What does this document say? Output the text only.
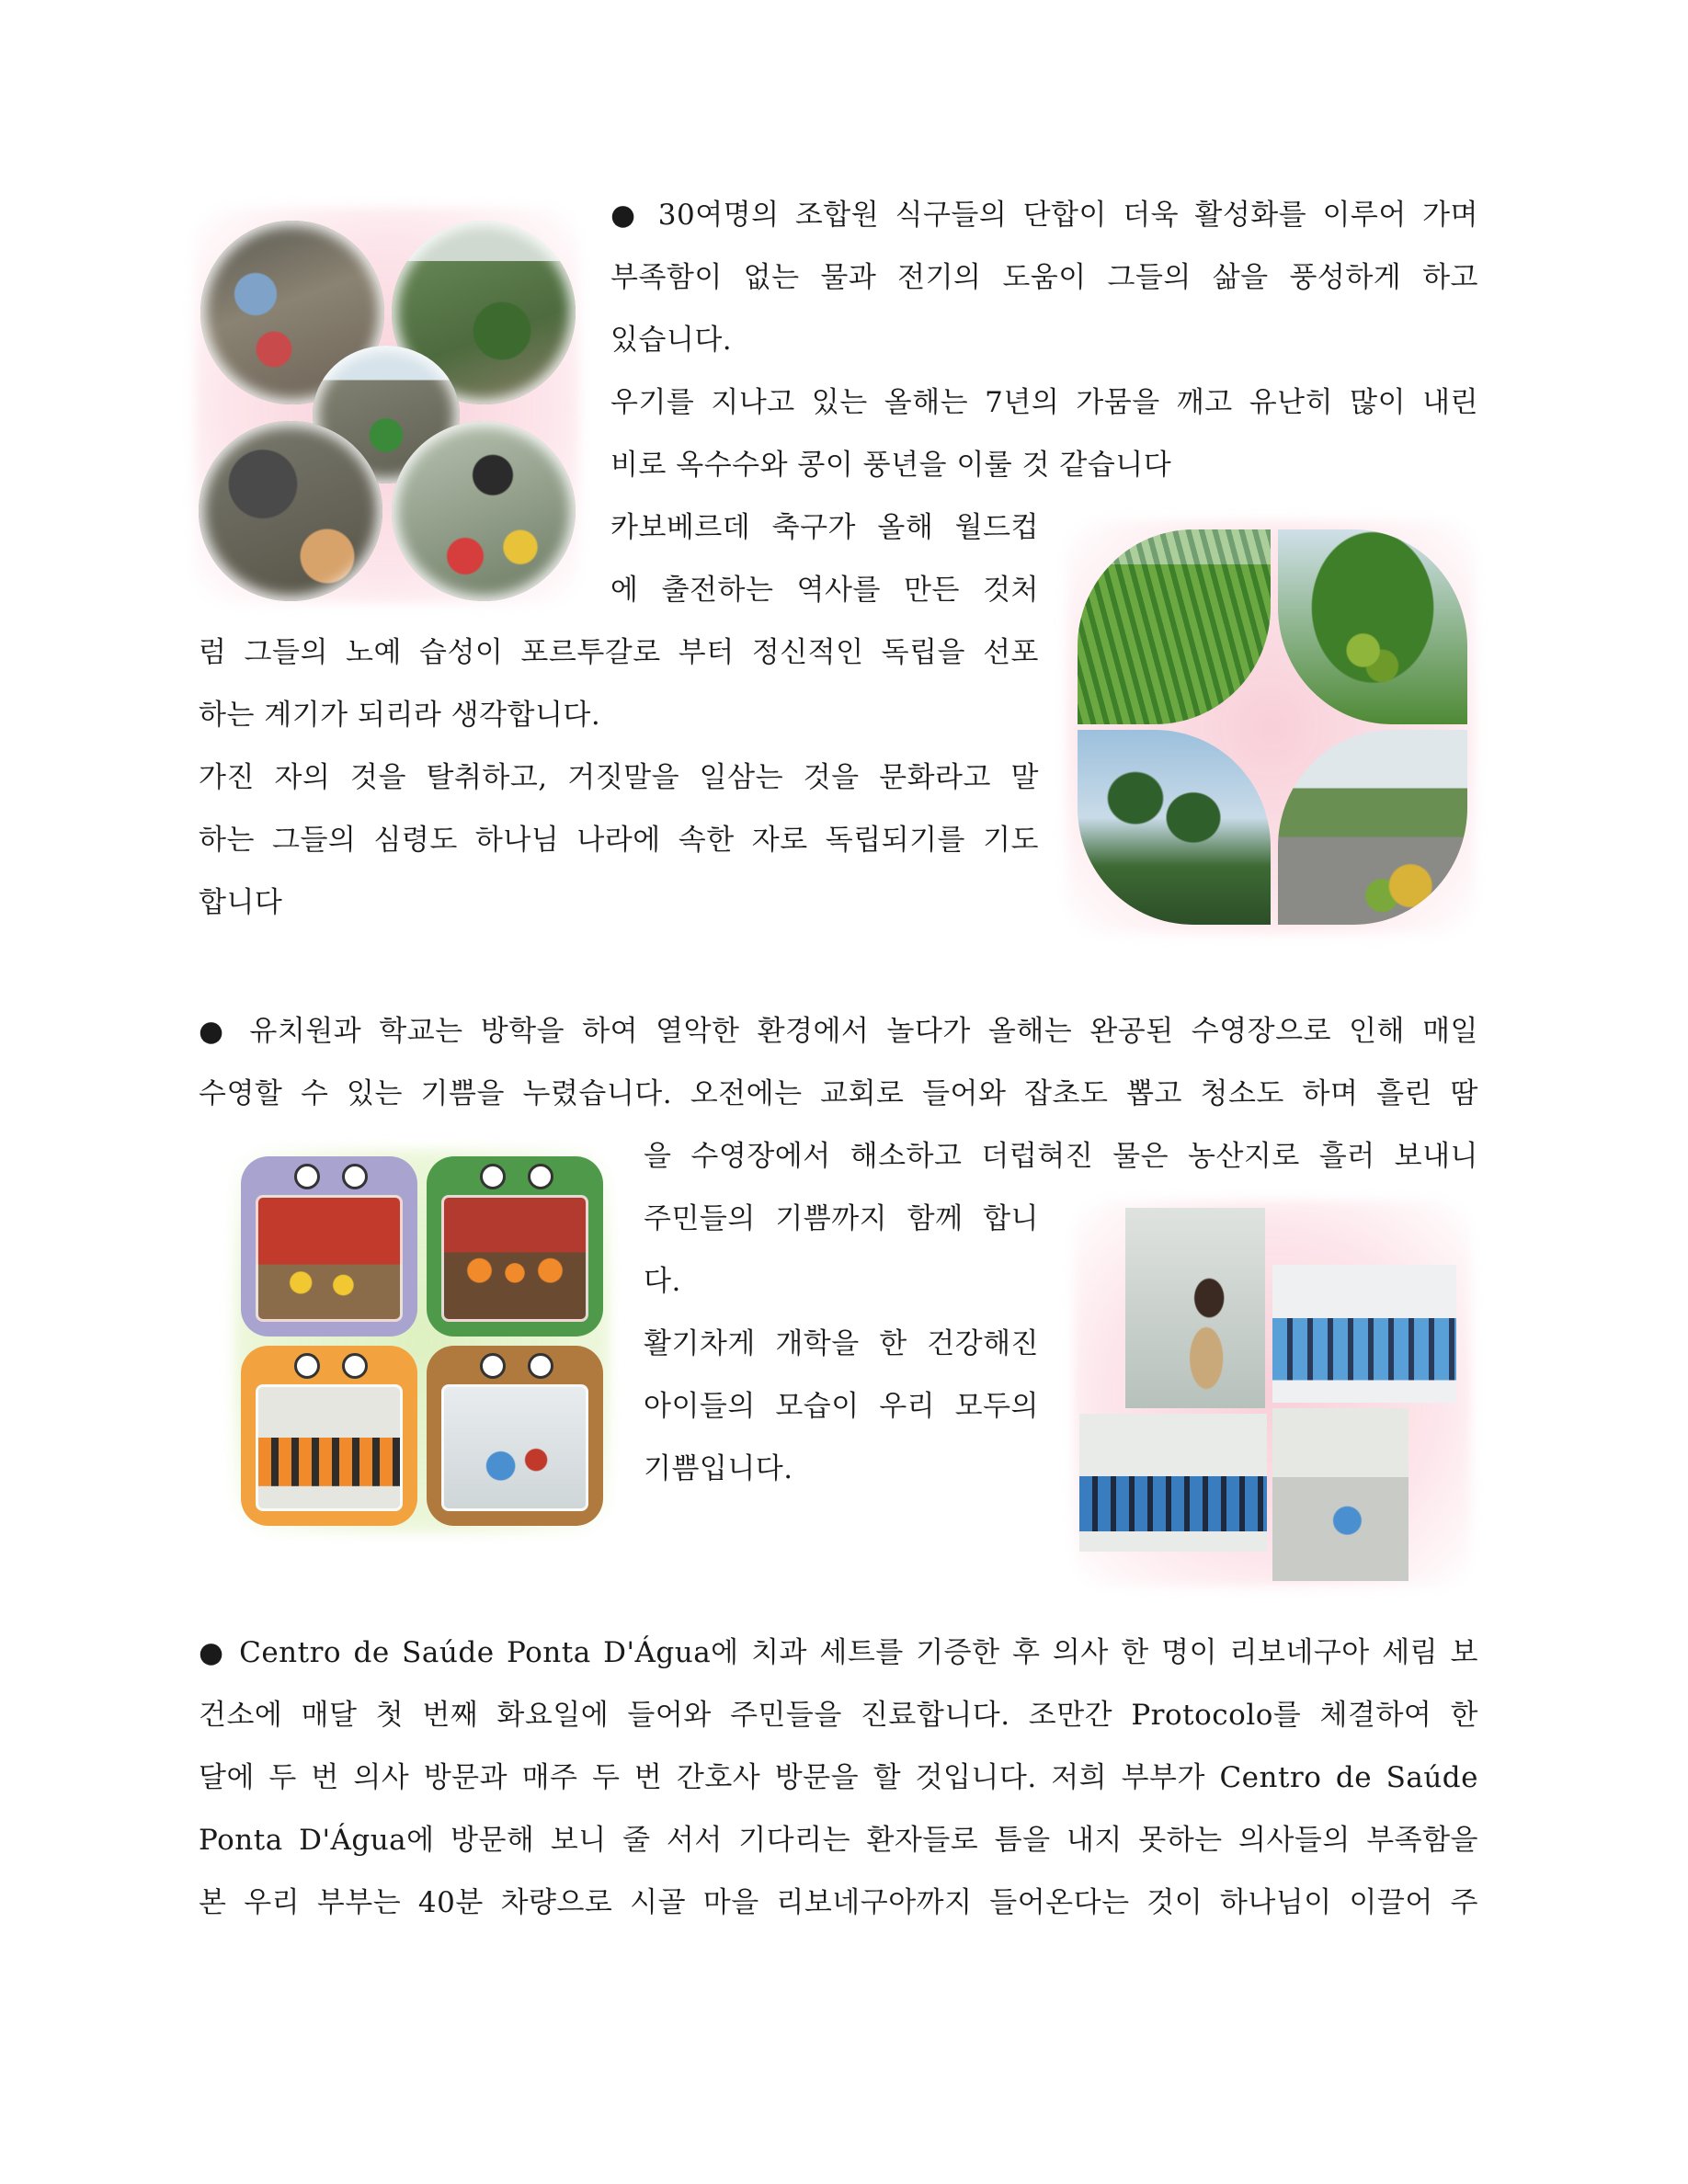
● 30여명의 조합원 식구들의 단합이 더욱 활성화를 이루어 가며
부족함이 없는 물과 전기의 도움이 그들의 삶을 풍성하게 하고
있습니다.
우기를 지나고 있는 올해는 7년의 가뭄을 깨고 유난히 많이 내린
비로 옥수수와 콩이 풍년을 이룰 것 같습니다
카보베르데 축구가 올해 월드컵
에 출전하는 역사를 만든 것처
럼 그들의 노예 습성이 포르투갈로 부터 정신적인 독립을 선포
하는 계기가 되리라 생각합니다.
가진 자의 것을 탈취하고, 거짓말을 일삼는 것을 문화라고 말
하는 그들의 심령도 하나님 나라에 속한 자로 독립되기를 기도
합니다
● 유치원과 학교는 방학을 하여 열악한 환경에서 놀다가 올해는 완공된 수영장으로 인해 매일
수영할 수 있는 기쁨을 누렸습니다. 오전에는 교회로 들어와 잡초도 뽑고 청소도 하며 흘린 땀
을 수영장에서 해소하고 더럽혀진 물은 농산지로 흘러 보내니
주민들의 기쁨까지 함께 합니
다.
활기차게 개학을 한 건강해진
아이들의 모습이 우리 모두의
기쁨입니다.
● Centro de Saúde Ponta D'Água에 치과 세트를 기증한 후 의사 한 명이 리보네구아 세림 보
건소에 매달 첫 번째 화요일에 들어와 주민들을 진료합니다. 조만간 Protocolo를 체결하여 한
달에 두 번 의사 방문과 매주 두 번 간호사 방문을 할 것입니다. 저희 부부가 Centro de Saúde
Ponta D'Água에 방문해 보니 줄 서서 기다리는 환자들로 틈을 내지 못하는 의사들의 부족함을
본 우리 부부는 40분 차량으로 시골 마을 리보네구아까지 들어온다는 것이 하나님이 이끌어 주
